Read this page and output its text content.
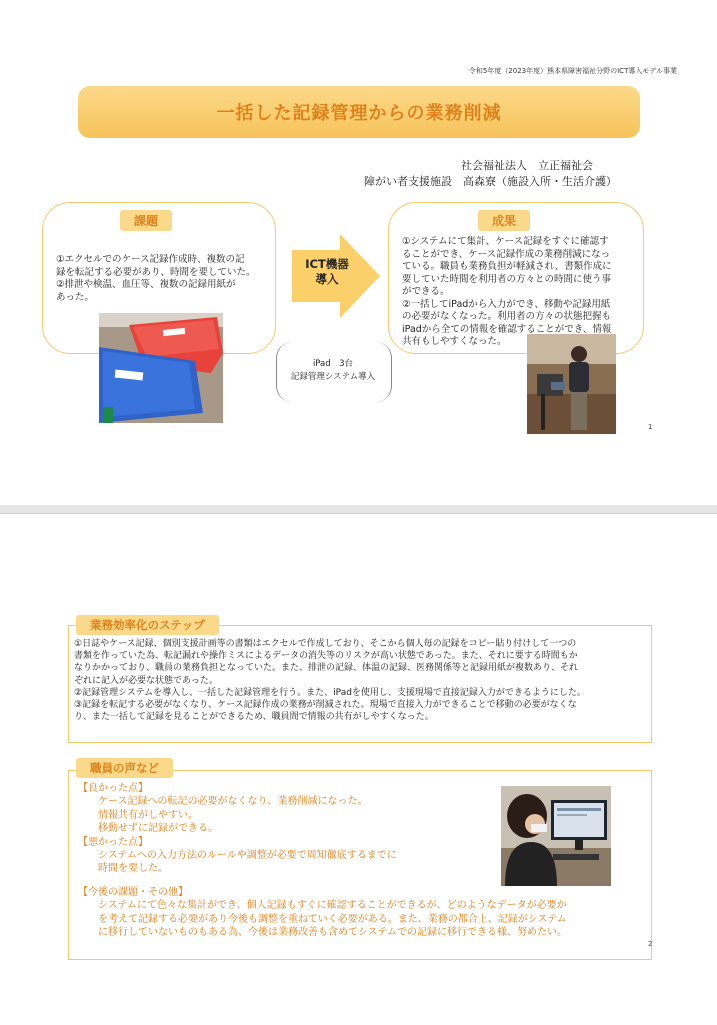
令和5年度（2023年度）熊本県障害福祉分野のICT導入モデル事業
一括した記録管理からの業務削減
社会福祉法人　立正福祉会
障がい者支援施設　高森寮（施設入所・生活介護）
課題
①エクセルでのケース記録作成時、複数の記
録を転記する必要があり、時間を要していた。
②排泄や検温、血圧等、複数の記録用紙が
あった。
ICT機器
導入
iPad　3台
記録管理システム導入
成果
①システムにて集計、ケース記録をすぐに確認す
ることができ、ケース記録作成の業務削減になっ
ている。職員も業務負担が軽減され、書類作成に
要していた時間を利用者の方々との時間に使う事
ができる。
②一括してiPadから入力ができ、移動や記録用紙
の必要がなくなった。利用者の方々の状態把握も
iPadから全ての情報を確認することができ、情報
共有もしやすくなった。
1
業務効率化のステップ
①日誌やケース記録、個別支援計画等の書類はエクセルで作成しており、そこから個人毎の記録をコピー貼り付けして一つの
書類を作っていた為、転記漏れや操作ミスによるデータの消失等のリスクが高い状態であった。また、それに要する時間もか
なりかかっており、職員の業務負担となっていた。また、排泄の記録、体温の記録、医務関係等と記録用紙が複数あり、それ
ぞれに記入が必要な状態であった。
②記録管理システムを導入し、一括した記録管理を行う。また、iPadを使用し、支援現場で直接記録入力ができるようにした。
③記録を転記する必要がなくなり、ケース記録作成の業務が削減された。現場で直接入力ができることで移動の必要がなくな
り、また一括して記録を見ることができるため、職員間で情報の共有がしやすくなった。
職員の声など
【良かった点】
ケース記録への転記の必要がなくなり、業務削減になった。
情報共有がしやすい。
移動せずに記録ができる。
【悪かった点】
システムへの入力方法のルールや調整が必要で周知徹底するまでに
時間を要した。
【今後の課題・その他】
システムにて色々な集計ができ、個人記録もすぐに確認することができるが、どのようなデータが必要か
を考えて記録する必要があり今後も調整を重ねていく必要がある。また、業務の都合上、記録がシステム
に移行していないものもある為、今後は業務改善も含めてシステムでの記録に移行できる様、努めたい。
2
